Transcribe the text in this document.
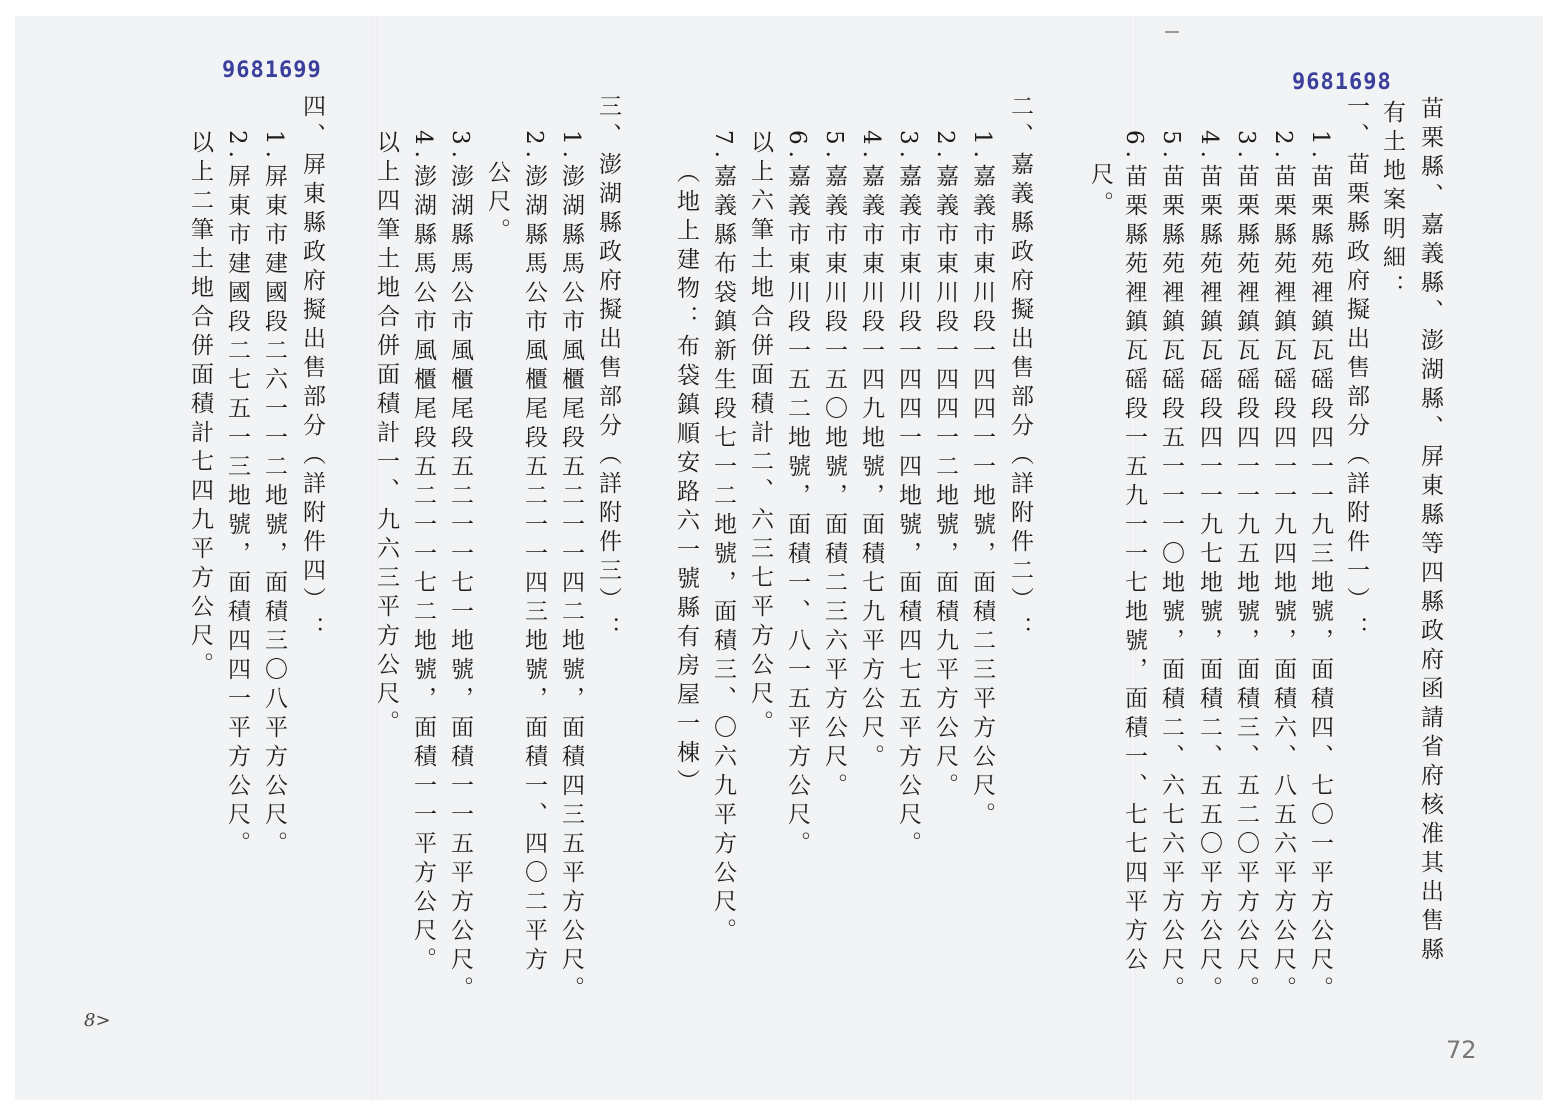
9681699	9681698
72
8>
苗栗縣、嘉義縣、澎湖縣、屏東縣等四縣政府函請省府核准其出售縣
有土地案明細：
一、苗栗縣政府擬出售部分（詳附件一）：
1.苗栗縣苑裡鎮瓦磘段四一一九三地號，面積四、七〇一平方公尺。
2.苗栗縣苑裡鎮瓦磘段四一一九四地號，面積六、八五六平方公尺。
3.苗栗縣苑裡鎮瓦磘段四一一九五地號，面積三、五二〇平方公尺。
4.苗栗縣苑裡鎮瓦磘段四一一九七地號，面積二、五五〇平方公尺。
5.苗栗縣苑裡鎮瓦磘段五一一一〇地號，面積二、六七六平方公尺。
6.苗栗縣苑裡鎮瓦磘段一五九一一七地號，面積一、七七四平方公
尺。
二、嘉義縣政府擬出售部分（詳附件二）：
1.嘉義市東川段一四四一一地號，面積二三平方公尺。
2.嘉義市東川段一四四一二地號，面積九平方公尺。
3.嘉義市東川段一四四一四地號，面積四七五平方公尺。
4.嘉義市東川段一四九地號，面積七九平方公尺。
5.嘉義市東川段一五〇地號，面積二三六平方公尺。
6.嘉義市東川段一五二地號，面積一、八一五平方公尺。
以上六筆土地合併面積計二、六三七平方公尺。
7.嘉義縣布袋鎮新生段七一二地號，面積三、〇六九平方公尺。
（地上建物：布袋鎮順安路六一號縣有房屋一棟）
三、澎湖縣政府擬出售部分（詳附件三）：
1.澎湖縣馬公市風櫃尾段五二一一四二地號，面積四三五平方公尺。
2.澎湖縣馬公市風櫃尾段五二一一四三地號，面積一、四〇二平方
公尺。
3.澎湖縣馬公市風櫃尾段五二一一七一地號，面積一一五平方公尺。
4.澎湖縣馬公市風櫃尾段五二一一七二地號，面積一一平方公尺。
以上四筆土地合併面積計一、九六三平方公尺。
四、屏東縣政府擬出售部分（詳附件四）：
1.屏東市建國段二六一一二地號，面積三〇八平方公尺。
2.屏東市建國段二七五一三地號，面積四四一平方公尺。
以上二筆土地合併面積計七四九平方公尺。
